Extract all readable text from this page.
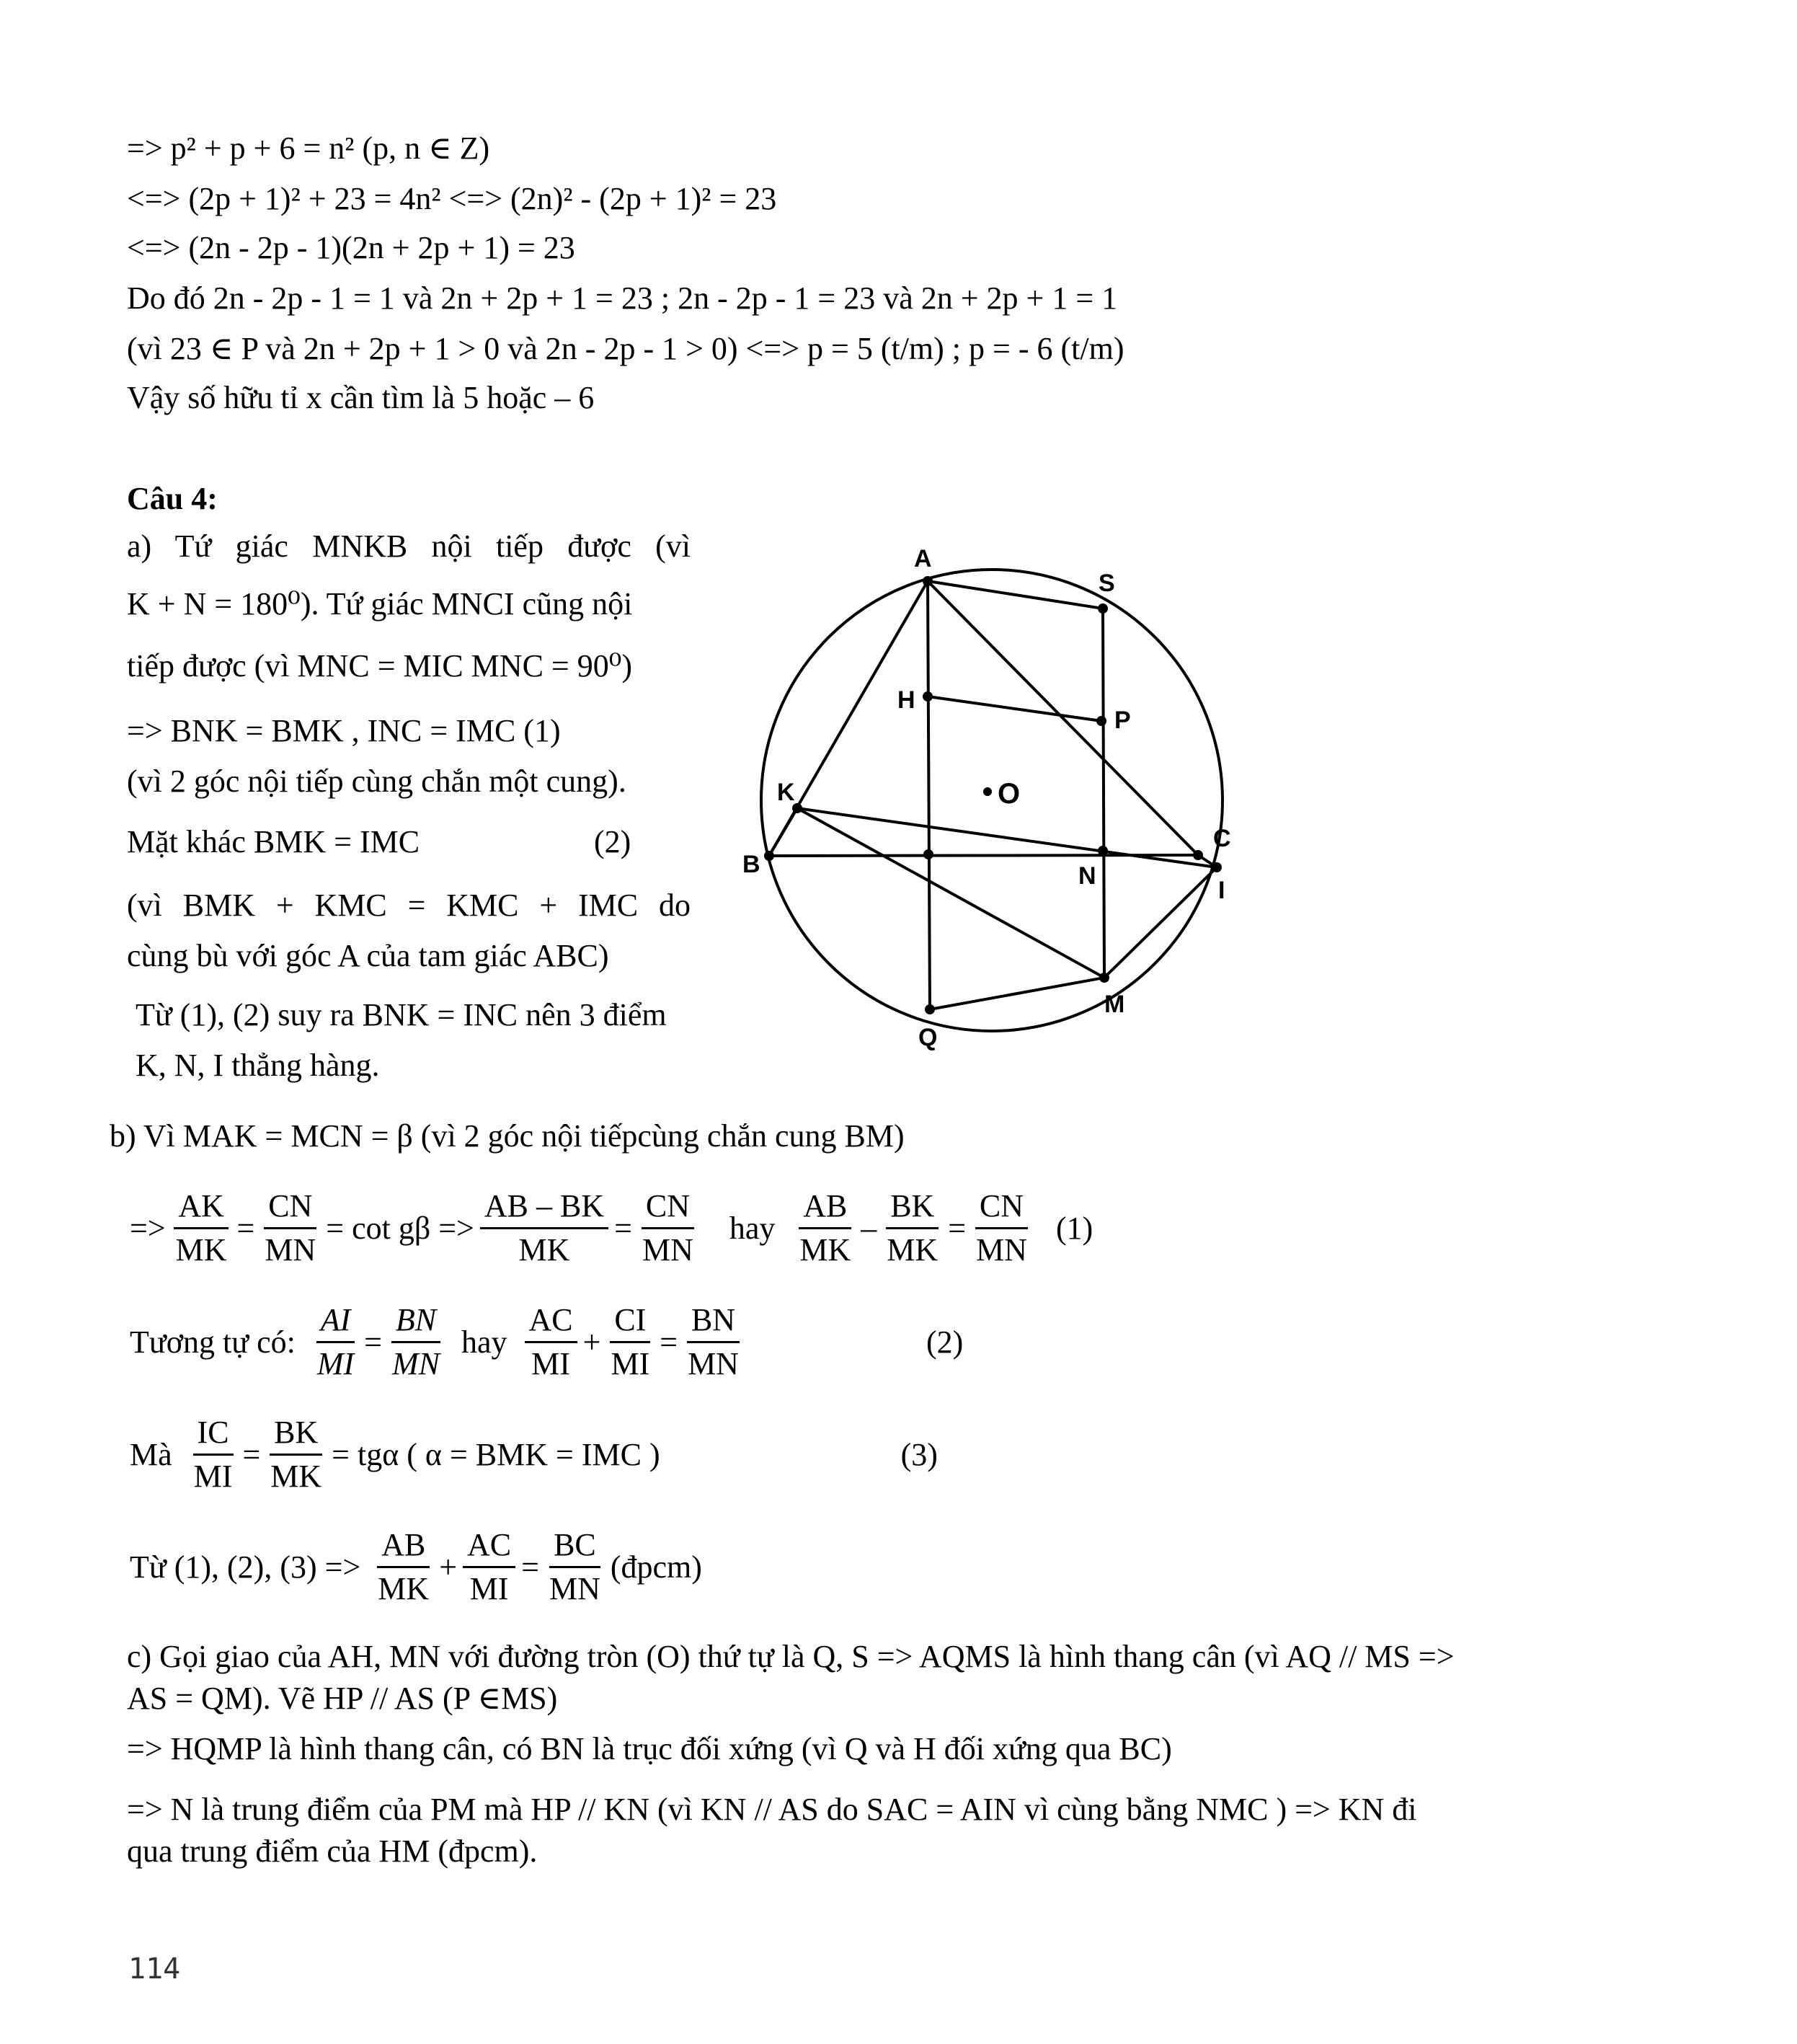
=> p² + p + 6 = n² (p, n ∈ Z)
<=> (2p + 1)² + 23 = 4n² <=> (2n)² - (2p + 1)² = 23
<=> (2n - 2p - 1)(2n + 2p + 1) = 23
Do đó 2n - 2p - 1 = 1 và 2n + 2p + 1 = 23 ; 2n - 2p - 1 = 23 và 2n + 2p + 1 = 1
(vì 23 ∈ P và 2n + 2p + 1 > 0 và 2n - 2p - 1 > 0) <=> p = 5 (t/m) ; p = - 6 (t/m)
Vậy số hữu tỉ x cần tìm là 5 hoặc – 6
Câu 4:
a) Tứ giác MNKB nội tiếp được (vì
K + N = 180⁰). Tứ giác MNCI cũng nội
tiếp được (vì MNC = MIC MNC = 90⁰)
=> BNK = BMK , INC = IMC (1)
(vì 2 góc nội tiếp cùng chắn một cung).
Mặt khác BMK = IMC	(2)
(vì BMK + KMC = KMC + IMC do
cùng bù với góc A của tam giác ABC)
Từ (1), (2) suy ra BNK = INC nên 3 điểm
K, N, I thẳng hàng.
A
S
H
P
K	O
B	N
C
I
M
Q
b) Vì MAK = MCN = β (vì 2 góc nội tiếpcùng chắn cung BM)
=> $\frac{AK}{MK} = \frac{CN}{MN} = \cot g\beta => \frac{AB - BK}{MK} = \frac{CN}{MN}$ hay $\frac{AB}{MK} - \frac{BK}{MK} = \frac{CN}{MN} (1)$
Tương tự có: $\frac{AI}{MI} = \frac{BN}{MN}$ hay $\frac{AC}{MI} + \frac{CI}{MI} = \frac{BN}{MN}$	(2)
Mà $\frac{IC}{MI} = \frac{BK}{MK} = tg\alpha$ ( α = BMK = IMC )	(3)
Từ (1), (2), $(3) => \frac{AB}{MK} + \frac{AC}{MI} = \frac{BC}{MN}$ (đpcm)
c) Gọi giao của AH, MN với đường tròn (O) thứ tự là Q, S => AQMS là hình thang cân (vì AQ // MS =>
AS = QM). Vẽ HP // AS (P ∈MS)
=> HQMP là hình thang cân, có BN là trục đối xứng (vì Q và H đối xứng qua BC)
=> N là trung điểm của PM mà HP // KN (vì KN // AS do SAC = AIN vì cùng bằng NMC ) => KN đi
qua trung điểm của HM (đpcm).
114
